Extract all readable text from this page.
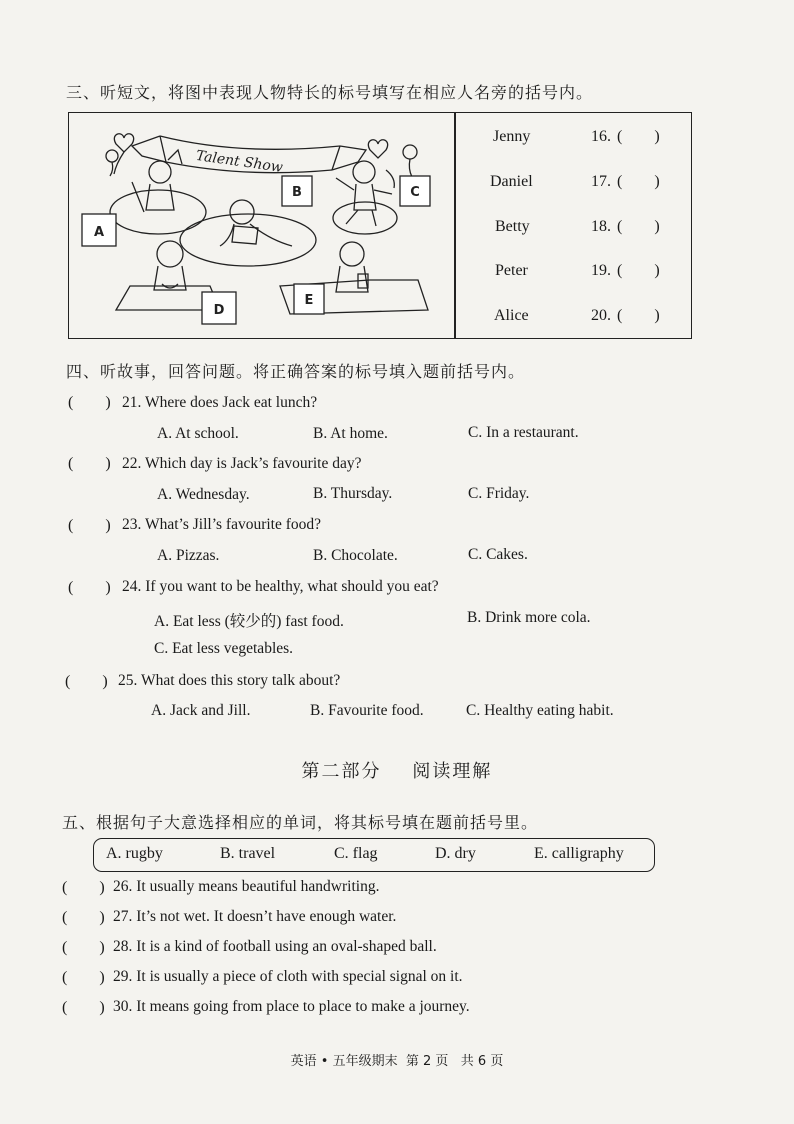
三、听短文，将图中表现人物特长的标号填写在相应人名旁的括号内。
Talent Show
A
B	C
D
E
Jenny	16. (        )
Daniel	17. (        )
Betty	18. (        )
Peter	19. (        )
Alice	20. (        )
四、听故事，回答问题。将正确答案的标号填入题前括号内。
(        ) 21. Where does Jack eat lunch?
A. At school.	B. At home.	C. In a restaurant.
(        ) 22. Which day is Jack’s favourite day?
A. Wednesday.	B. Thursday.	C. Friday.
(        ) 23. What’s Jill’s favourite food?
A. Pizzas.	B. Chocolate.	C. Cakes.
(        ) 24. If you want to be healthy, what should you eat?
A. Eat less (较少的) fast food.	B. Drink more cola.
C. Eat less vegetables.
(        ) 25. What does this story talk about?
A. Jack and Jill.	B. Favourite food.	C. Healthy eating habit.
第二部分    阅读理解
五、根据句子大意选择相应的单词，将其标号填在题前括号里。
A. rugby	B. travel	C. flag	D. dry	E. calligraphy
(        ) 26. It usually means beautiful handwriting.
(        ) 27. It’s not wet. It doesn’t have enough water.
(        ) 28. It is a kind of football using an oval-shaped ball.
(        ) 29. It is usually a piece of cloth with special signal on it.
(        ) 30. It means going from place to place to make a journey.
英语 • 五年级期末  第 2 页   共 6 页
